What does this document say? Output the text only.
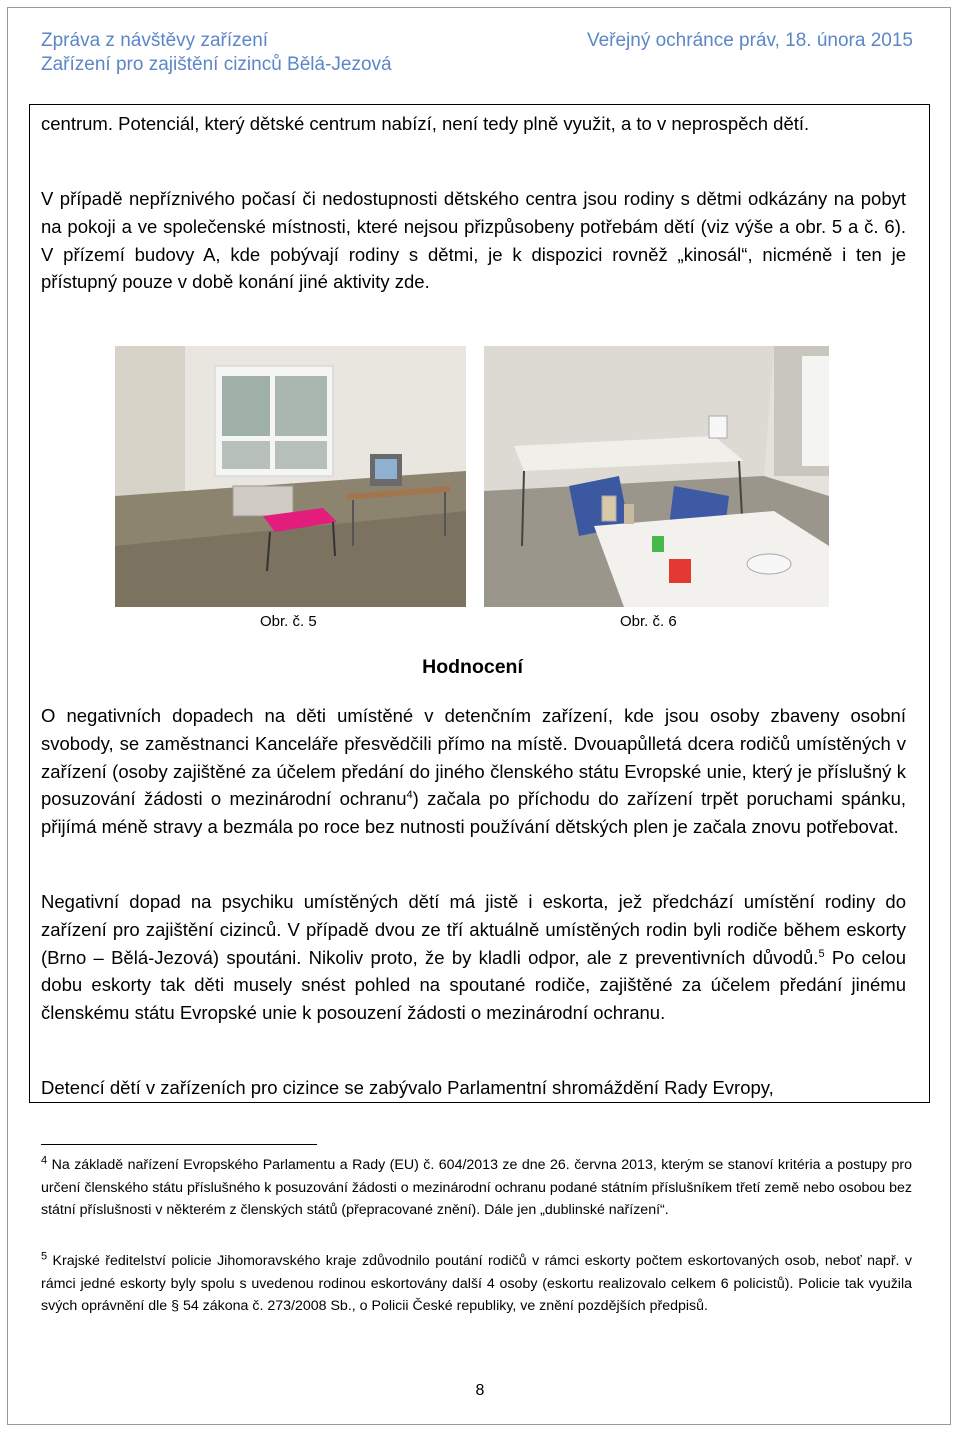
Zpráva z návštěvy zařízení	Veřejný ochránce práv, 18. února 2015
Zařízení pro zajištění cizinců Bělá-Jezová

centrum. Potenciál, který dětské centrum nabízí, není tedy plně využit, a to v neprospěch dětí.

V případě nepříznivého počasí či nedostupnosti dětského centra jsou rodiny s dětmi odkázány na pobyt na pokoji a ve společenské místnosti, které nejsou přizpůsobeny potřebám dětí (viz výše a obr. 5 a č. 6). V přízemí budovy A, kde pobývají rodiny s dětmi, je k dispozici rovněž „kinosál“, nicméně i ten je přístupný pouze v době konání jiné aktivity zde.

Obr. č. 5	Obr. č. 6
Hodnocení

O negativních dopadech na děti umístěné v detenčním zařízení, kde jsou osoby zbaveny osobní svobody, se zaměstnanci Kanceláře přesvědčili přímo na místě. Dvouapůlletá dcera rodičů umístěných v zařízení (osoby zajištěné za účelem předání do jiného členského státu Evropské unie, který je příslušný k posuzování žádosti o mezinárodní ochranu$^4$) začala po příchodu do zařízení trpět poruchami spánku, přijímá méně stravy a bezmála po roce bez nutnosti používání dětských plen je začala znovu potřebovat.

Negativní dopad na psychiku umístěných dětí má jistě i eskorta, jež předchází umístění rodiny do zařízení pro zajištění cizinců. V případě dvou ze tří aktuálně umístěných rodin byli rodiče během eskorty (Brno – Bělá-Jezová) spoutáni. Nikoliv proto, že by kladli odpor, ale z preventivních důvodů.$^5$ Po celou dobu eskorty tak děti musely snést pohled na spoutané rodiče, zajištěné za účelem předání jinému členskému státu Evropské unie k posouzení žádosti o mezinárodní ochranu.

Detencí dětí v zařízeních pro cizince se zabývalo Parlamentní shromáždění Rady Evropy,

$^4$ Na základě nařízení Evropského Parlamentu a Rady (EU) č. 604/2013 ze dne 26. června 2013, kterým se stanoví kritéria a postupy pro určení členského státu příslušného k posuzování žádosti o mezinárodní ochranu podané státním příslušníkem třetí země nebo osobou bez státní příslušnosti v některém z členských států (přepracované znění). Dále jen „dublinské nařízení“.

$^5$ Krajské ředitelství policie Jihomoravského kraje zdůvodnilo poutání rodičů v rámci eskorty počtem eskortovaných osob, neboť např. v rámci jedné eskorty byly spolu s uvedenou rodinou eskortovány další 4 osoby (eskortu realizovalo celkem 6 policistů). Policie tak využila svých oprávnění dle § 54 zákona č. 273/2008 Sb., o Policii České republiky, ve znění pozdějších předpisů.

8
